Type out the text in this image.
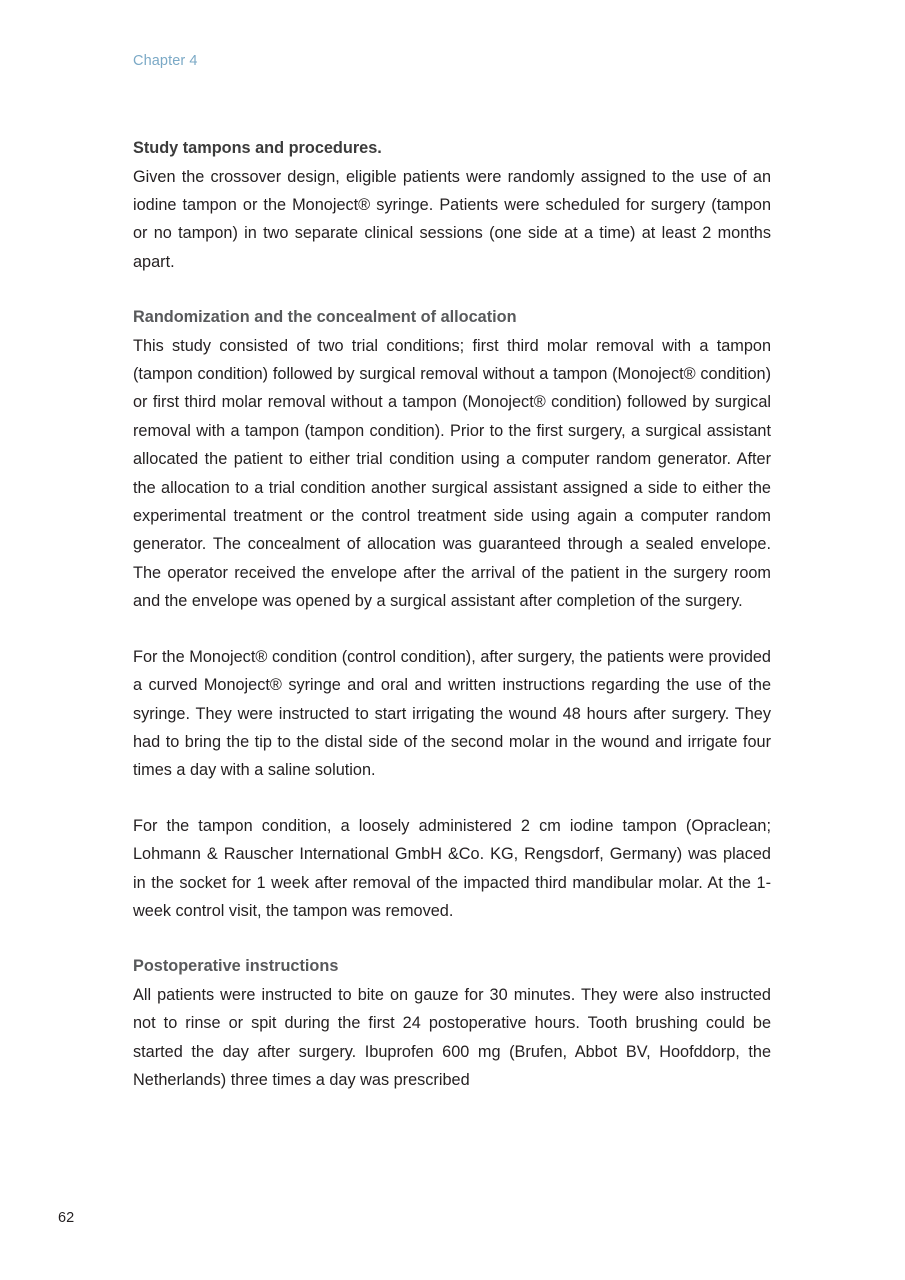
Chapter 4
Study tampons and procedures.

Given the crossover design, eligible patients were randomly assigned to the use of an iodine tampon or the Monoject® syringe. Patients were scheduled for surgery (tampon or no tampon) in two separate clinical sessions (one side at a time) at least 2 months apart.

Randomization and the concealment of allocation

This study consisted of two trial conditions; first third molar removal with a tampon (tampon condition) followed by surgical removal without a tampon (Monoject® condition) or first third molar removal without a tampon (Monoject® condition) followed by surgical removal with a tampon (tampon condition). Prior to the first surgery, a surgical assistant allocated the patient to either trial condition using a computer random generator. After the allocation to a trial condition another surgical assistant assigned a side to either the experimental treatment or the control treatment side using again a computer random generator. The concealment of allocation was guaranteed through a sealed envelope. The operator received the envelope after the arrival of the patient in the surgery room and the envelope was opened by a surgical assistant after completion of the surgery.

For the Monoject® condition (control condition), after surgery, the patients were provided a curved Monoject® syringe and oral and written instructions regarding the use of the syringe. They were instructed to start irrigating the wound 48 hours after surgery. They had to bring the tip to the distal side of the second molar in the wound and irrigate four times a day with a saline solution.

For the tampon condition, a loosely administered 2 cm iodine tampon (Opraclean; Lohmann & Rauscher International GmbH &Co. KG, Rengsdorf, Germany) was placed in the socket for 1 week after removal of the impacted third mandibular molar. At the 1-week control visit, the tampon was removed.

Postoperative instructions

All patients were instructed to bite on gauze for 30 minutes. They were also instructed not to rinse or spit during the first 24 postoperative hours. Tooth brushing could be started the day after surgery. Ibuprofen 600 mg (Brufen, Abbot BV, Hoofddorp, the Netherlands) three times a day was prescribed

62
